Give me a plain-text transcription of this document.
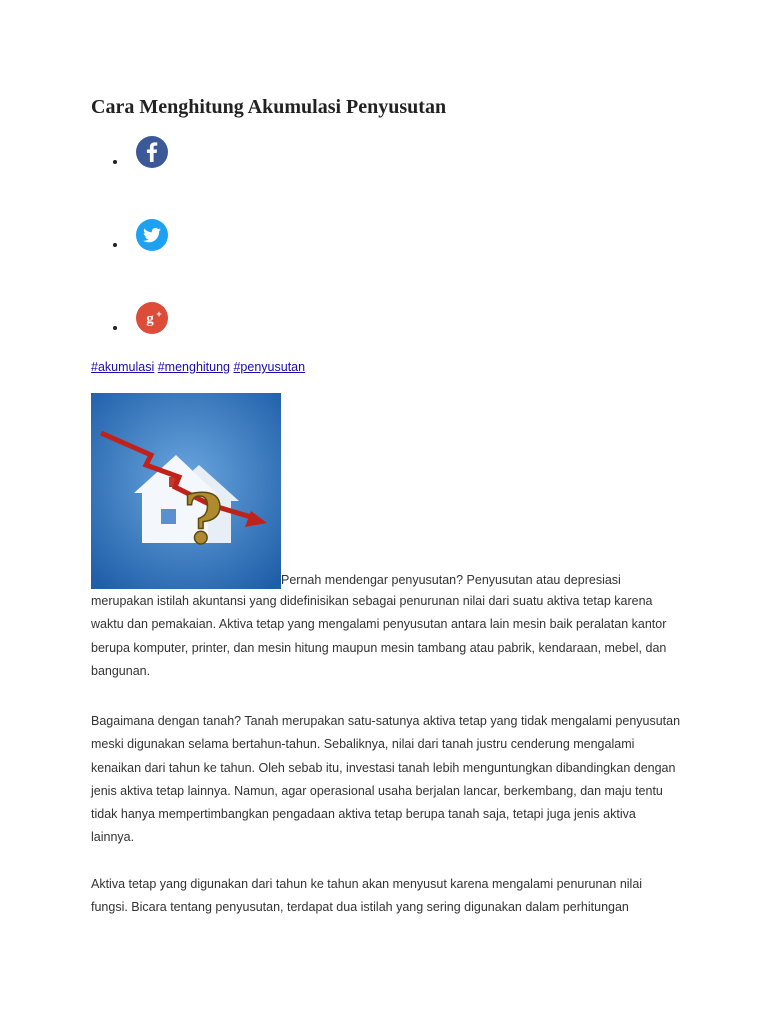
Cara Menghitung Akumulasi Penyusutan
g +
#akumulasi #menghitung #penyusutan
?
Pernah mendengar penyusutan? Penyusutan atau depresiasi

merupakan istilah akuntansi yang didefinisikan sebagai penurunan nilai dari suatu aktiva tetap karena waktu dan pemakaian. Aktiva tetap yang mengalami penyusutan antara lain mesin baik peralatan kantor berupa komputer, printer, dan mesin hitung maupun mesin tambang atau pabrik, kendaraan, mebel, dan bangunan.

Bagaimana dengan tanah? Tanah merupakan satu-satunya aktiva tetap yang tidak mengalami penyusutan meski digunakan selama bertahun-tahun. Sebaliknya, nilai dari tanah justru cenderung mengalami kenaikan dari tahun ke tahun. Oleh sebab itu, investasi tanah lebih menguntungkan dibandingkan dengan jenis aktiva tetap lainnya. Namun, agar operasional usaha berjalan lancar, berkembang, dan maju tentu tidak hanya mempertimbangkan pengadaan aktiva tetap berupa tanah saja, tetapi juga jenis aktiva lainnya.

Aktiva tetap yang digunakan dari tahun ke tahun akan menyusut karena mengalami penurunan nilai fungsi. Bicara tentang penyusutan, terdapat dua istilah yang sering digunakan dalam perhitungan
